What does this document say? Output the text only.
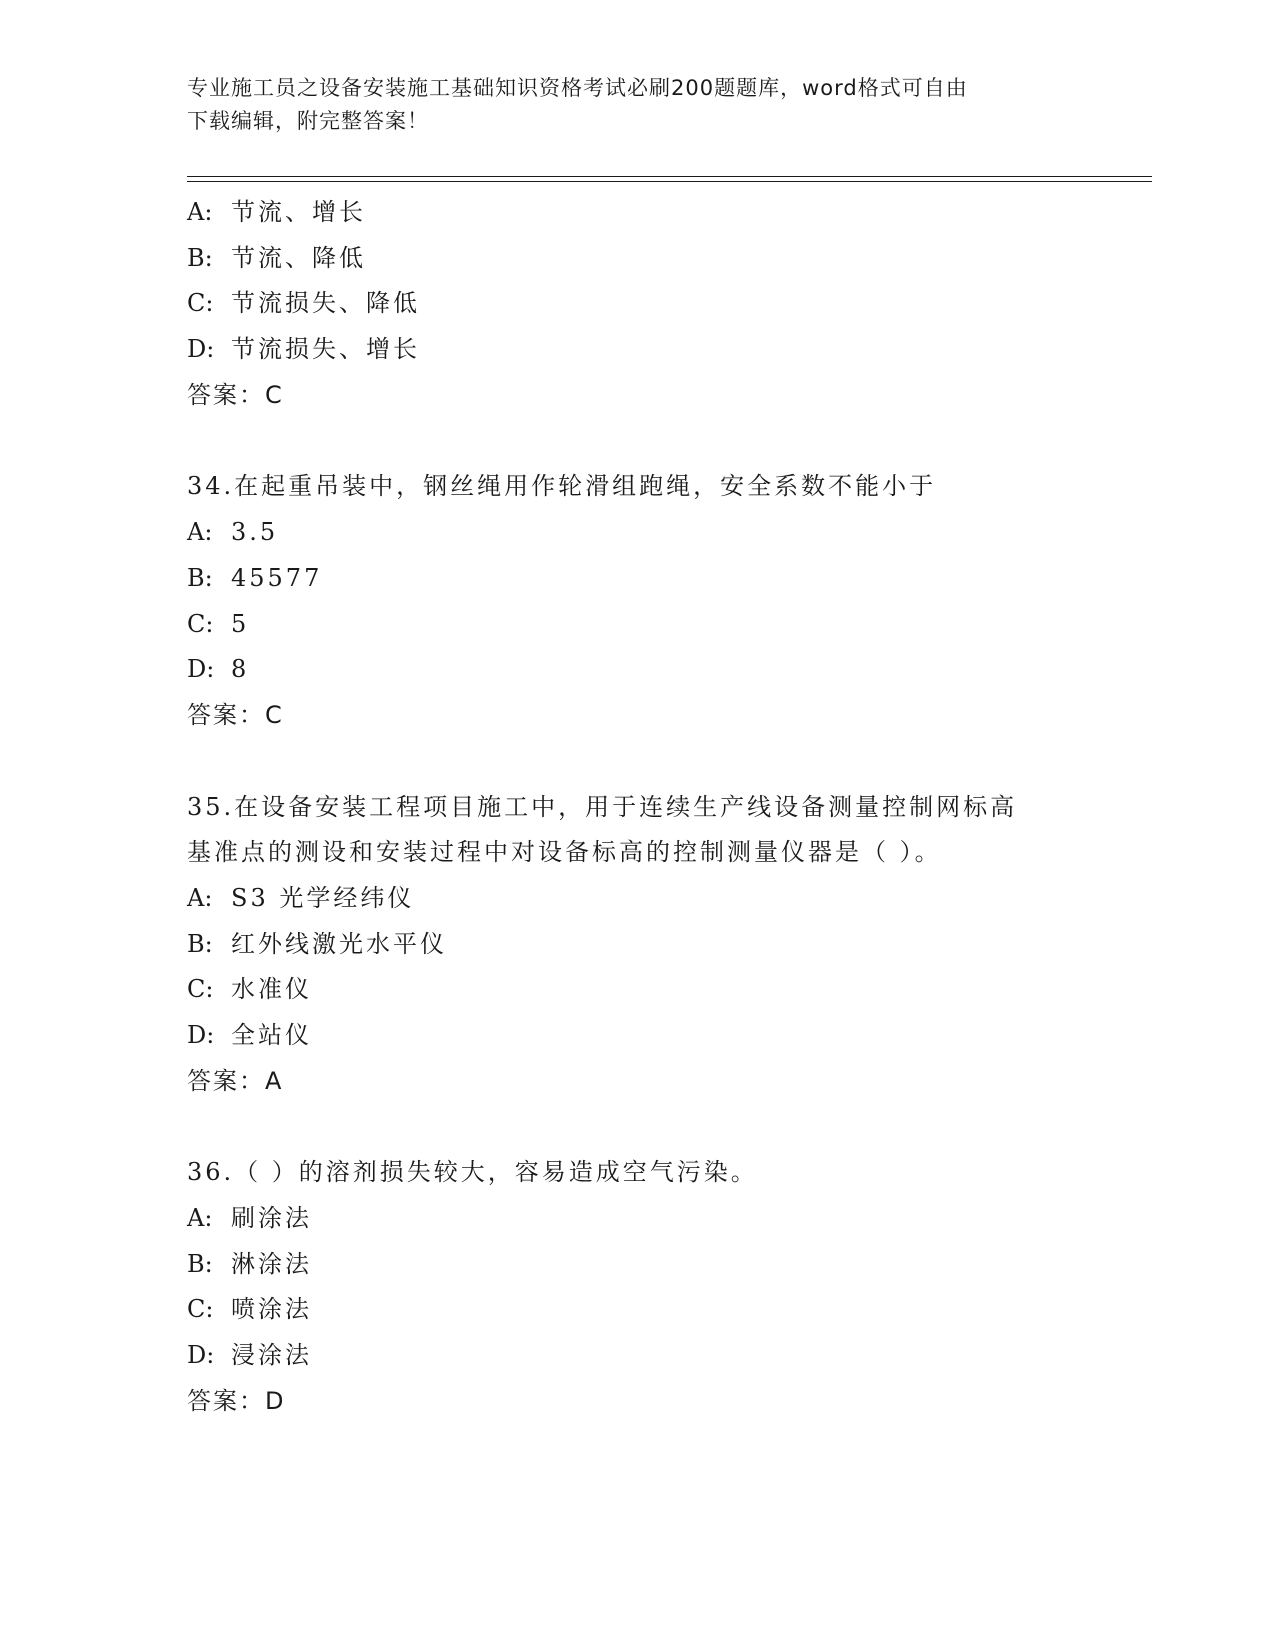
专业施工员之设备安装施工基础知识资格考试必刷200题题库，word格式可自由
下载编辑，附完整答案！
A: 节流、增长
B: 节流、降低
C: 节流损失、降低
D: 节流损失、增长
答案：C
34.在起重吊装中，钢丝绳用作轮滑组跑绳，安全系数不能小于
A: 3.5
B: 45577
C: 5
D: 8
答案：C
35.在设备安装工程项目施工中，用于连续生产线设备测量控制网标高
基准点的测设和安装过程中对设备标高的控制测量仪器是（ ）。
A: S3 光学经纬仪
B: 红外线激光水平仪
C: 水准仪
D: 全站仪
答案：A
36.（ ）的溶剂损失较大，容易造成空气污染。
A: 刷涂法
B: 淋涂法
C: 喷涂法
D: 浸涂法
答案：D
